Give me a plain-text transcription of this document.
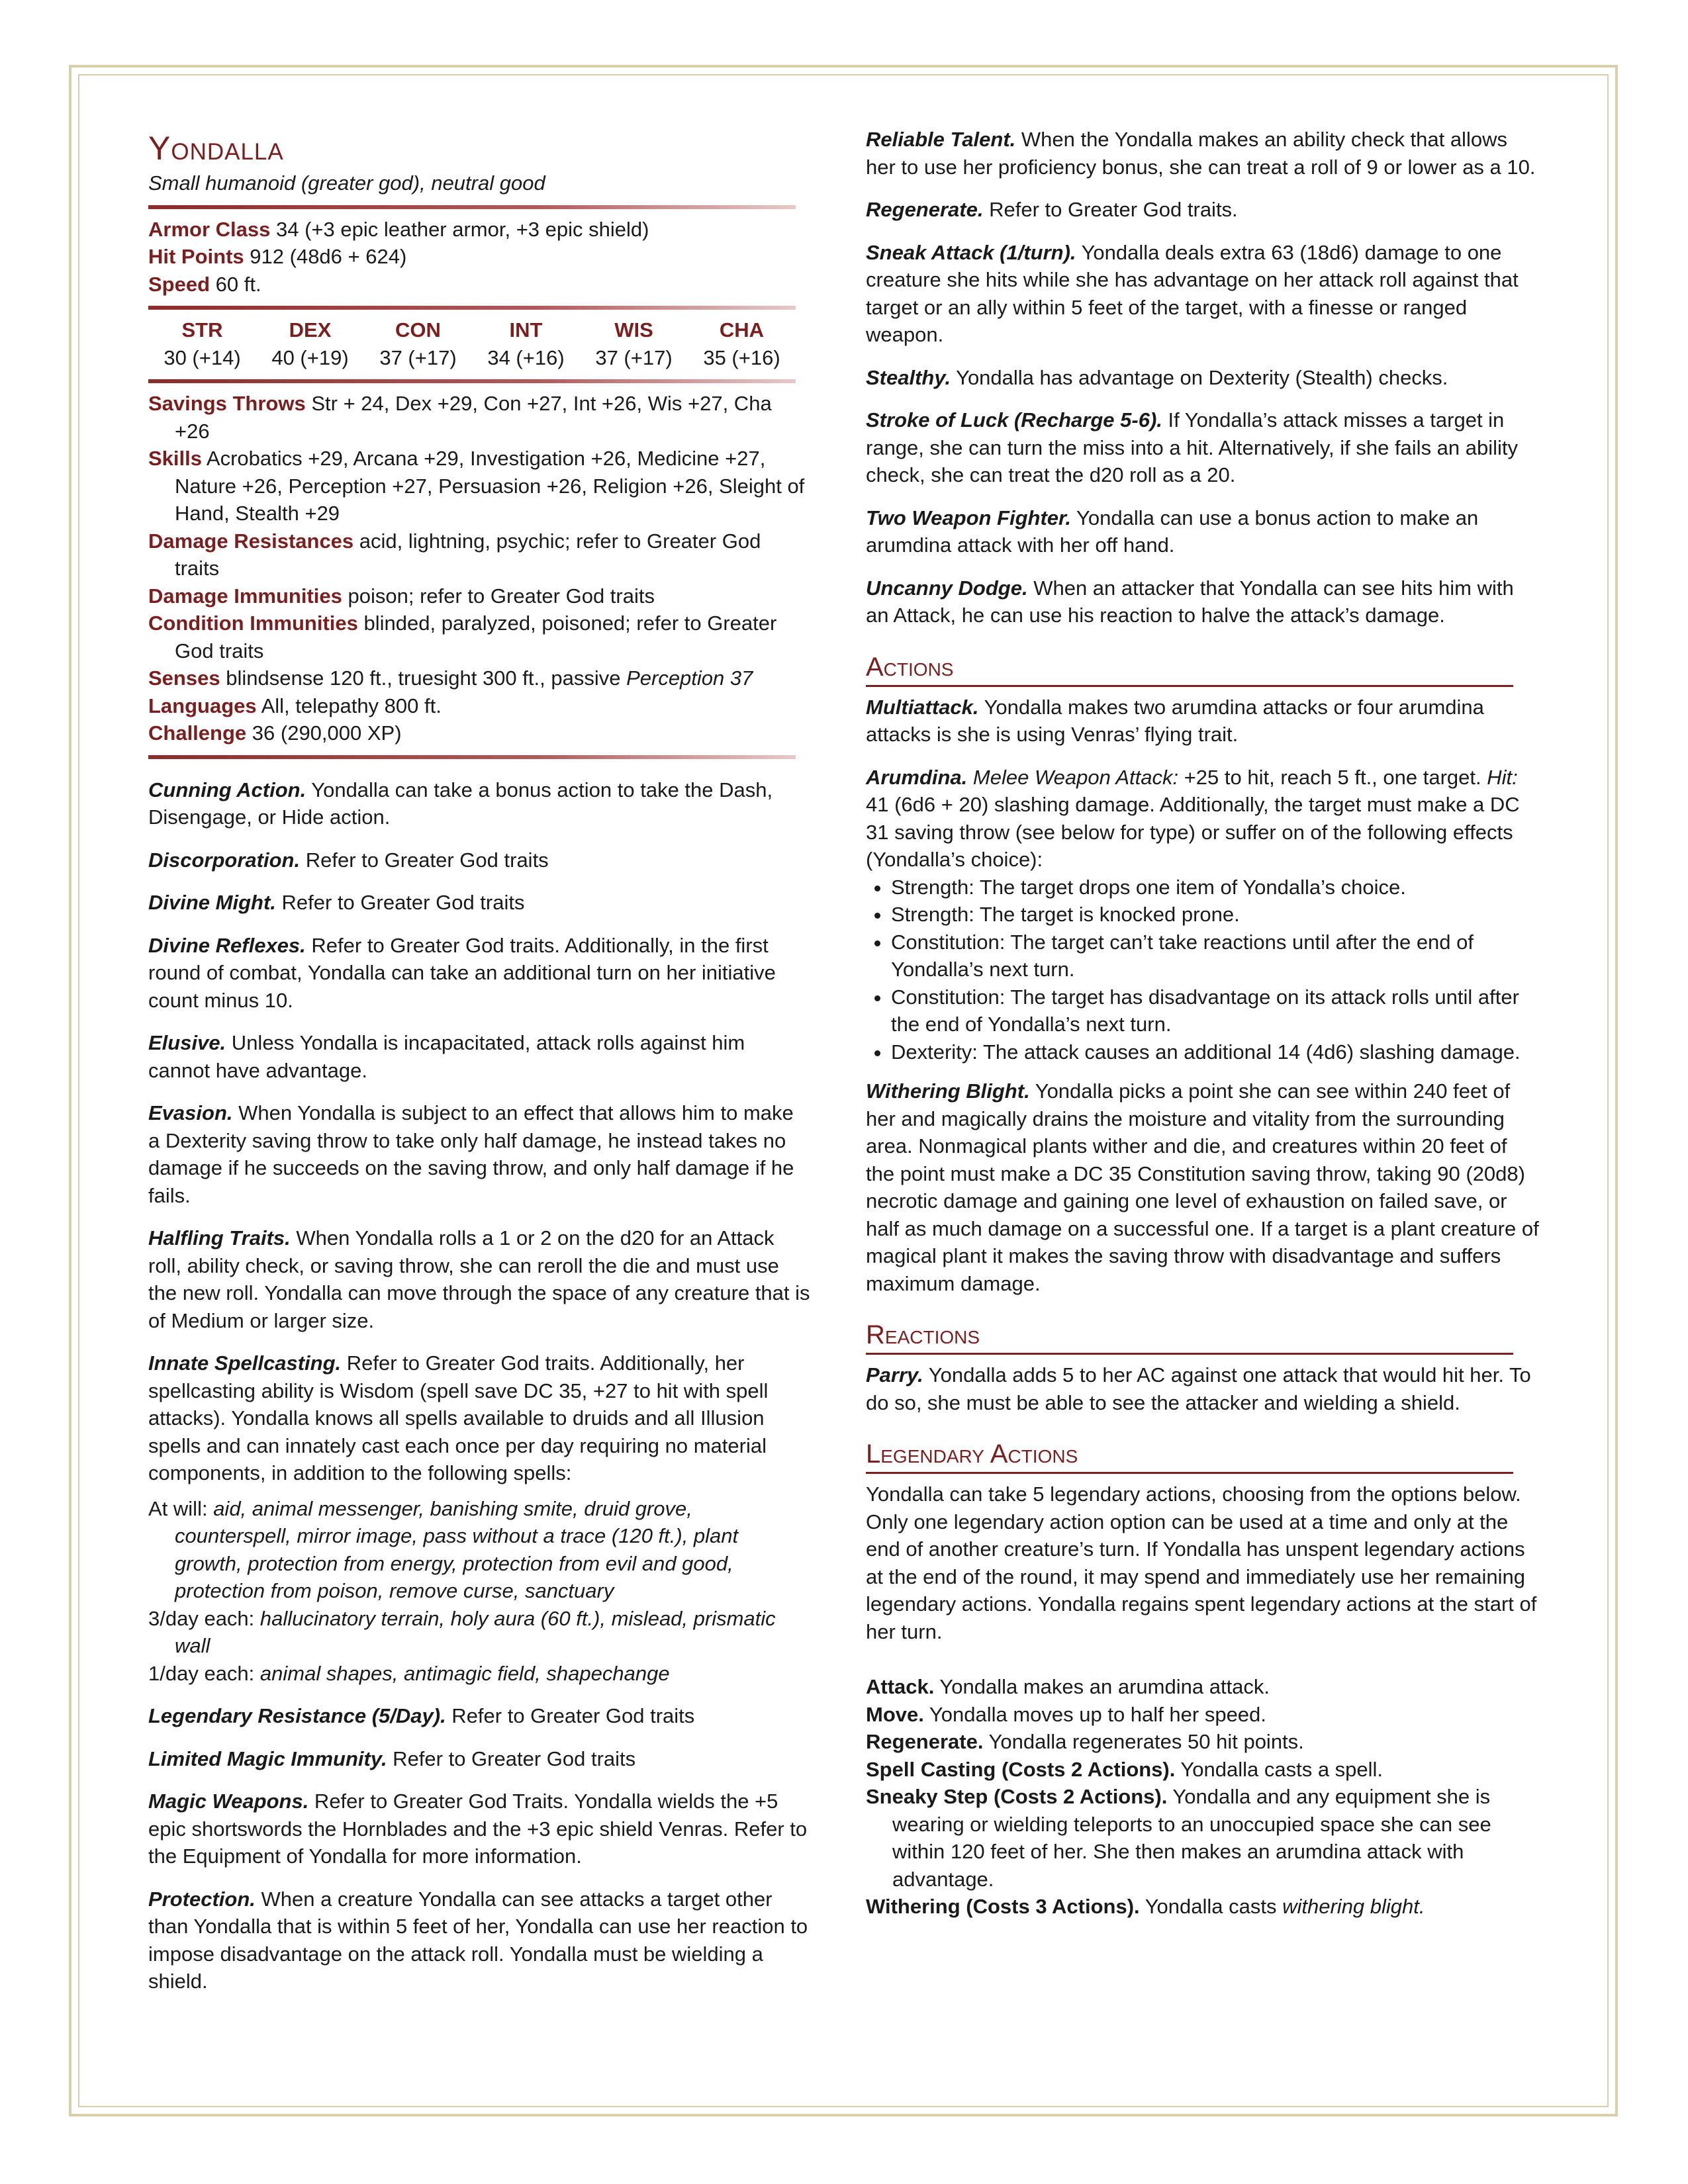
Yondalla
Small humanoid (greater god), neutral good

Armor Class 34 (+3 epic leather armor, +3 epic shield)

Hit Points 912 (48d6 + 624)

Speed 60 ft.

STR	DEX	CON	INT	WIS	CHA
30 (+14)	40 (+19)	37 (+17)	34 (+16)	37 (+17)	35 (+16)

Savings Throws Str + 24, Dex +29, Con +27, Int +26, Wis +27, Cha +26

Skills Acrobatics +29, Arcana +29, Investigation +26, Medicine +27, Nature +26, Perception +27, Persuasion +26, Religion +26, Sleight of Hand, Stealth +29

Damage Resistances acid, lightning, psychic; refer to Greater God traits

Damage Immunities poison; refer to Greater God traits

Condition Immunities blinded, paralyzed, poisoned; refer to Greater God traits

Senses blindsense 120 ft., truesight 300 ft., passive Perception 37

Languages All, telepathy 800 ft.

Challenge 36 (290,000 XP)

Cunning Action. Yondalla can take a bonus action to take the Dash, Disengage, or Hide action.

Discorporation. Refer to Greater God traits

Divine Might. Refer to Greater God traits

Divine Reflexes. Refer to Greater God traits. Additionally, in the first round of combat, Yondalla can take an additional turn on her initiative count minus 10.

Elusive. Unless Yondalla is incapacitated, attack rolls against him cannot have advantage.

Evasion. When Yondalla is subject to an effect that allows him to make a Dexterity saving throw to take only half damage, he instead takes no damage if he succeeds on the saving throw, and only half damage if he fails.

Halfling Traits. When Yondalla rolls a 1 or 2 on the d20 for an Attack roll, ability check, or saving throw, she can reroll the die and must use the new roll. Yondalla can move through the space of any creature that is of Medium or larger size.

Innate Spellcasting. Refer to Greater God traits. Additionally, her spellcasting ability is Wisdom (spell save DC 35, +27 to hit with spell attacks). Yondalla knows all spells available to druids and all Illusion spells and can innately cast each once per day requiring no material components, in addition to the following spells:

At will: aid, animal messenger, banishing smite, druid grove, counterspell, mirror image, pass without a trace (120 ft.), plant growth, protection from energy, protection from evil and good, protection from poison, remove curse, sanctuary

3/day each: hallucinatory terrain, holy aura (60 ft.), mislead, prismatic wall

1/day each: animal shapes, antimagic field, shapechange

Legendary Resistance (5/Day). Refer to Greater God traits

Limited Magic Immunity. Refer to Greater God traits

Magic Weapons. Refer to Greater God Traits. Yondalla wields the +5 epic shortswords the Hornblades and the +3 epic shield Venras. Refer to the Equipment of Yondalla for more information.

Protection. When a creature Yondalla can see attacks a target other than Yondalla that is within 5 feet of her, Yondalla can use her reaction to impose disadvantage on the attack roll. Yondalla must be wielding a shield.

Reliable Talent. When the Yondalla makes an ability check that allows her to use her proficiency bonus, she can treat a roll of 9 or lower as a 10.

Regenerate. Refer to Greater God traits.

Sneak Attack (1/turn). Yondalla deals extra 63 (18d6) damage to one creature she hits while she has advantage on her attack roll against that target or an ally within 5 feet of the target, with a finesse or ranged weapon.

Stealthy. Yondalla has advantage on Dexterity (Stealth) checks.

Stroke of Luck (Recharge 5-6). If Yondalla’s attack misses a target in range, she can turn the miss into a hit. Alternatively, if she fails an ability check, she can treat the d20 roll as a 20.

Two Weapon Fighter. Yondalla can use a bonus action to make an arumdina attack with her off hand.

Uncanny Dodge. When an attacker that Yondalla can see hits him with an Attack, he can use his reaction to halve the attack’s damage.

Actions

Multiattack. Yondalla makes two arumdina attacks or four arumdina attacks is she is using Venras’ flying trait.

Arumdina. Melee Weapon Attack: +25 to hit, reach 5 ft., one target. Hit: 41 (6d6 + 20) slashing damage. Additionally, the target must make a DC 31 saving throw (see below for type) or suffer on of the following effects (Yondalla’s choice):

• Strength: The target drops one item of Yondalla’s choice.
• Strength: The target is knocked prone.
• Constitution: The target can’t take reactions until after the end of Yondalla’s next turn.
• Constitution: The target has disadvantage on its attack rolls until after the end of Yondalla’s next turn.
• Dexterity: The attack causes an additional 14 (4d6) slashing damage.

Withering Blight. Yondalla picks a point she can see within 240 feet of her and magically drains the moisture and vitality from the surrounding area. Nonmagical plants wither and die, and creatures within 20 feet of the point must make a DC 35 Constitution saving throw, taking 90 (20d8) necrotic damage and gaining one level of exhaustion on failed save, or half as much damage on a successful one. If a target is a plant creature of magical plant it makes the saving throw with disadvantage and suffers maximum damage.

Reactions

Parry. Yondalla adds 5 to her AC against one attack that would hit her. To do so, she must be able to see the attacker and wielding a shield.

Legendary Actions

Yondalla can take 5 legendary actions, choosing from the options below. Only one legendary action option can be used at a time and only at the end of another creature’s turn. If Yondalla has unspent legendary actions at the end of the round, it may spend and immediately use her remaining legendary actions. Yondalla regains spent legendary actions at the start of her turn.

Attack. Yondalla makes an arumdina attack.

Move. Yondalla moves up to half her speed.

Regenerate. Yondalla regenerates 50 hit points.

Spell Casting (Costs 2 Actions). Yondalla casts a spell.

Sneaky Step (Costs 2 Actions). Yondalla and any equipment she is wearing or wielding teleports to an unoccupied space she can see within 120 feet of her. She then makes an arumdina attack with advantage.

Withering (Costs 3 Actions). Yondalla casts withering blight.
